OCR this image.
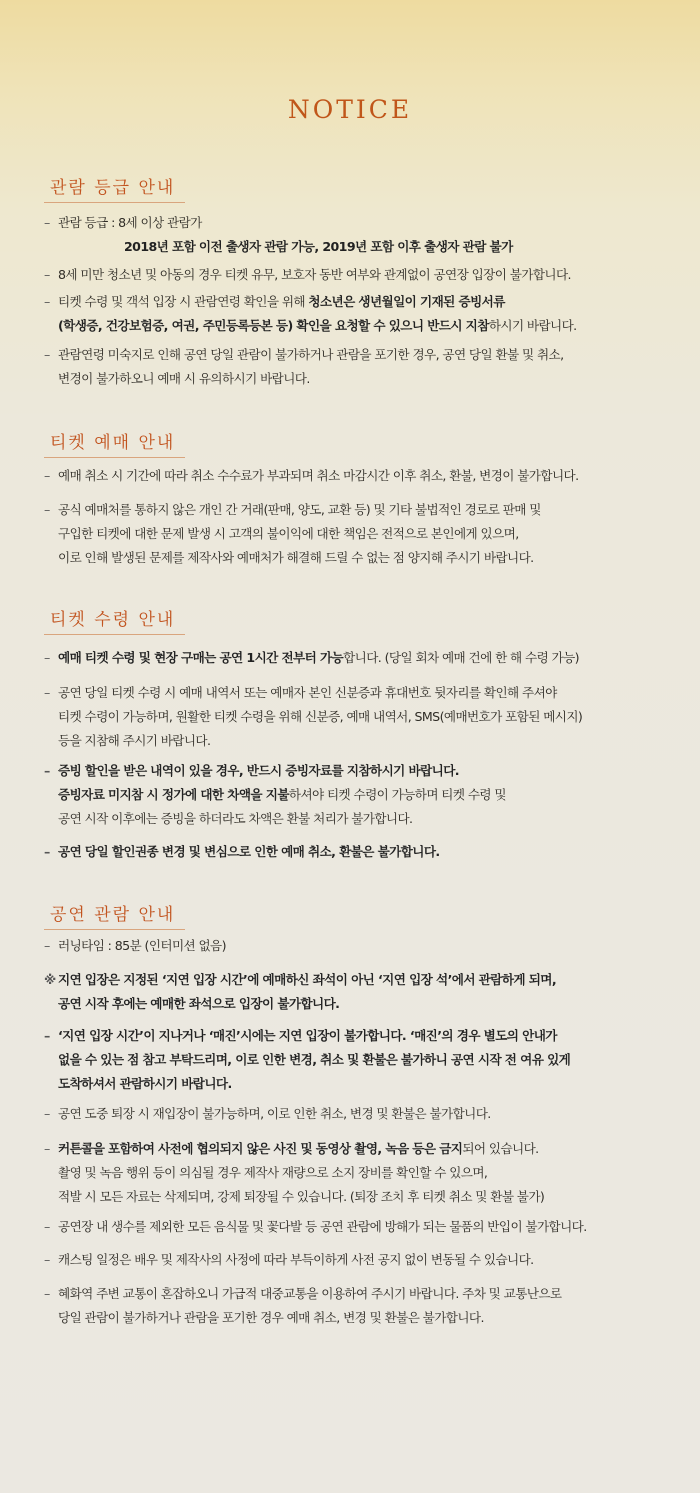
NOTICE
관람 등급 안내
– 관람 등급 : 8세 이상 관람가
2018년 포함 이전 출생자 관람 가능, 2019년 포함 이후 출생자 관람 불가
– 8세 미만 청소년 및 아동의 경우 티켓 유무, 보호자 동반 여부와 관계없이 공연장 입장이 불가합니다.
– 티켓 수령 및 객석 입장 시 관람연령 확인을 위해 청소년은 생년월일이 기재된 증빙서류
(학생증, 건강보험증, 여권, 주민등록등본 등) 확인을 요청할 수 있으니 반드시 지참하시기 바랍니다.
– 관람연령 미숙지로 인해 공연 당일 관람이 불가하거나 관람을 포기한 경우, 공연 당일 환불 및 취소,
변경이 불가하오니 예매 시 유의하시기 바랍니다.
티켓 예매 안내
– 예매 취소 시 기간에 따라 취소 수수료가 부과되며 취소 마감시간 이후 취소, 환불, 변경이 불가합니다.
– 공식 예매처를 통하지 않은 개인 간 거래(판매, 양도, 교환 등) 및 기타 불법적인 경로로 판매 및
구입한 티켓에 대한 문제 발생 시 고객의 불이익에 대한 책임은 전적으로 본인에게 있으며,
이로 인해 발생된 문제를 제작사와 예매처가 해결해 드릴 수 없는 점 양지해 주시기 바랍니다.
티켓 수령 안내
– 예매 티켓 수령 및 현장 구매는 공연 1시간 전부터 가능합니다. (당일 회차 예매 건에 한 해 수령 가능)
– 공연 당일 티켓 수령 시 예매 내역서 또는 예매자 본인 신분증과 휴대번호 뒷자리를 확인해 주셔야
티켓 수령이 가능하며, 원활한 티켓 수령을 위해 신분증, 예매 내역서, SMS(예매번호가 포함된 메시지)
등을 지참해 주시기 바랍니다.
– 증빙 할인을 받은 내역이 있을 경우, 반드시 증빙자료를 지참하시기 바랍니다.
증빙자료 미지참 시 정가에 대한 차액을 지불하셔야 티켓 수령이 가능하며 티켓 수령 및
공연 시작 이후에는 증빙을 하더라도 차액은 환불 처리가 불가합니다.
– 공연 당일 할인권종 변경 및 변심으로 인한 예매 취소, 환불은 불가합니다.
공연 관람 안내
– 러닝타임 : 85분 (인터미션 없음)
※ 지연 입장은 지정된 ‘지연 입장 시간’에 예매하신 좌석이 아닌 ‘지연 입장 석’에서 관람하게 되며,
공연 시작 후에는 예매한 좌석으로 입장이 불가합니다.
– ‘지연 입장 시간’이 지나거나 ‘매진’시에는 지연 입장이 불가합니다. ‘매진’의 경우 별도의 안내가
없을 수 있는 점 참고 부탁드리며, 이로 인한 변경, 취소 및 환불은 불가하니 공연 시작 전 여유 있게
도착하셔서 관람하시기 바랍니다.
– 공연 도중 퇴장 시 재입장이 불가능하며, 이로 인한 취소, 변경 및 환불은 불가합니다.
– 커튼콜을 포함하여 사전에 협의되지 않은 사진 및 동영상 촬영, 녹음 등은 금지되어 있습니다.
촬영 및 녹음 행위 등이 의심될 경우 제작사 재량으로 소지 장비를 확인할 수 있으며,
적발 시 모든 자료는 삭제되며, 강제 퇴장될 수 있습니다. (퇴장 조치 후 티켓 취소 및 환불 불가)
– 공연장 내 생수를 제외한 모든 음식물 및 꽃다발 등 공연 관람에 방해가 되는 물품의 반입이 불가합니다.
– 캐스팅 일정은 배우 및 제작사의 사정에 따라 부득이하게 사전 공지 없이 변동될 수 있습니다.
– 혜화역 주변 교통이 혼잡하오니 가급적 대중교통을 이용하여 주시기 바랍니다. 주차 및 교통난으로
당일 관람이 불가하거나 관람을 포기한 경우 예매 취소, 변경 및 환불은 불가합니다.
